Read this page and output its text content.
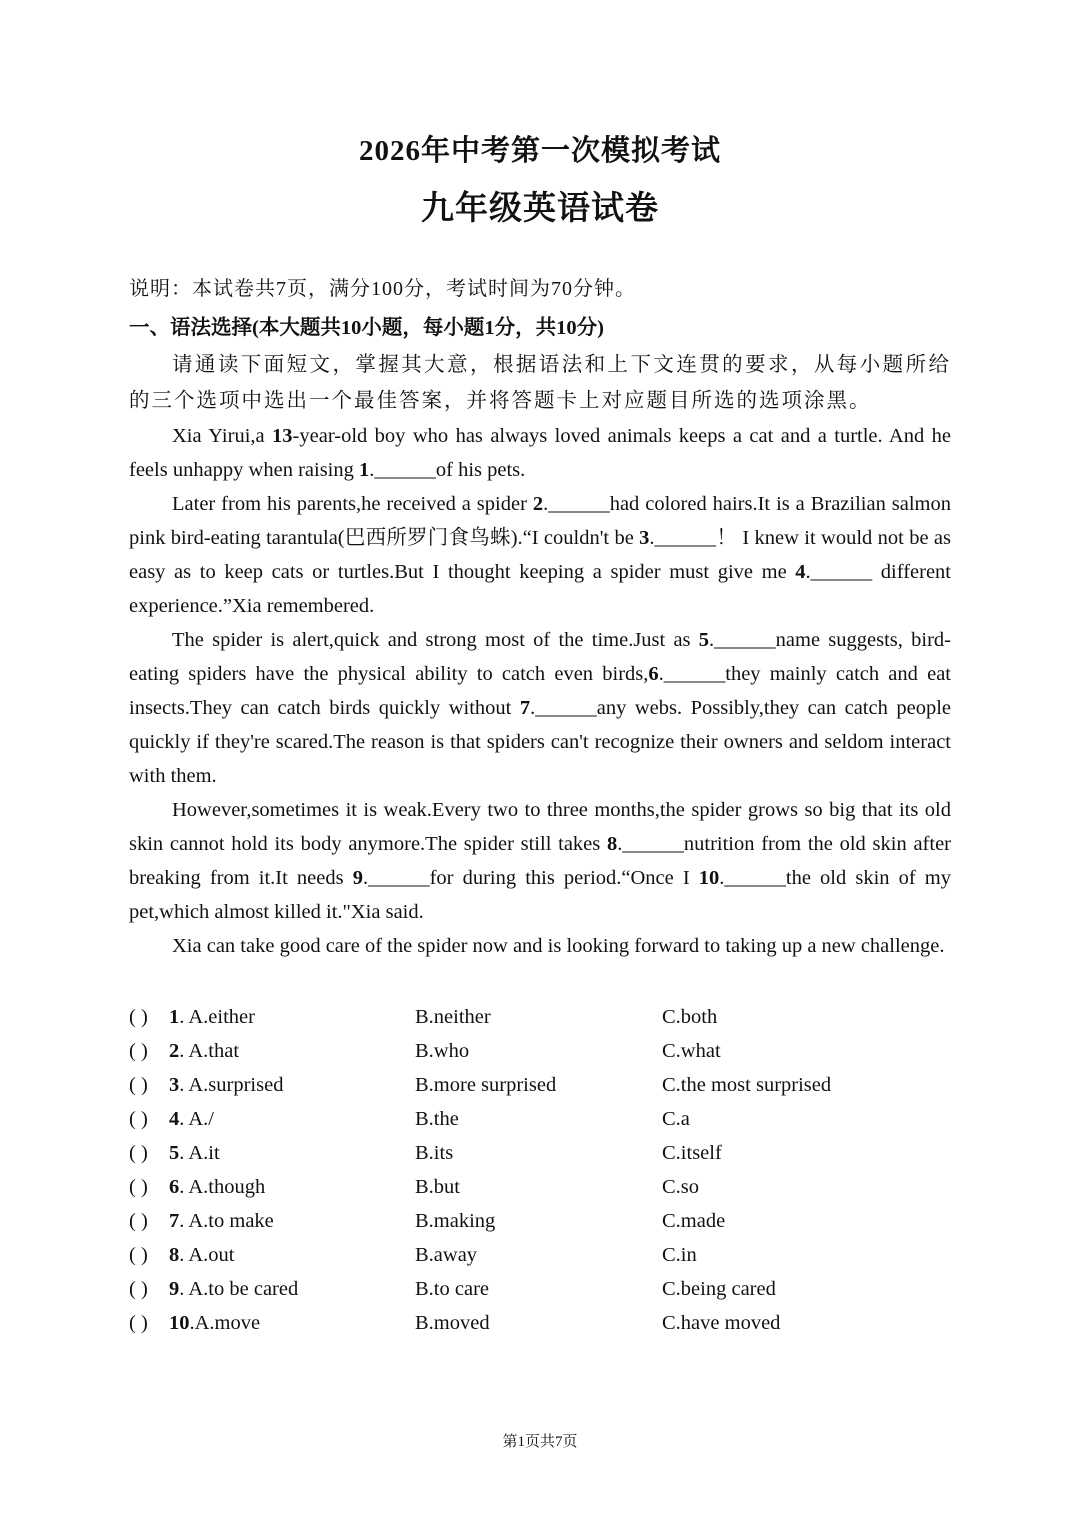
2026年中考第一次模拟考试
九年级英语试卷
说明：本试卷共7页，满分100分，考试时间为70分钟。
一、语法选择(本大题共10小题，每小题1分，共10分)

请通读下面短文，掌握其大意，根据语法和上下文连贯的要求，从每小题所给的三个选项中选出一个最佳答案，并将答题卡上对应题目所选的选项涂黑。

Xia Yirui,a 13-year-old boy who has always loved animals keeps a cat and a turtle. And he feels unhappy when raising 1.______of his pets.

Later from his parents,he received a spider 2.______had colored hairs.It is a Brazilian salmon pink bird-eating tarantula(巴西所罗门食鸟蛛).“I couldn't be 3.______！ I knew it would not be as easy as to keep cats or turtles.But I thought keeping a spider must give me 4.______ different experience.”Xia remembered.

The spider is alert,quick and strong most of the time.Just as 5.______name suggests, bird-eating spiders have the physical ability to catch even birds,6.______they mainly catch and eat insects.They can catch birds quickly without 7.______any webs. Possibly,they can catch people quickly if they're scared.The reason is that spiders can't recognize their owners and seldom interact with them.

However,sometimes it is weak.Every two to three months,the spider grows so big that its old skin cannot hold its body anymore.The spider still takes 8.______nutrition from the old skin after breaking from it.It needs 9.______for during this period.“Once I 10.______the old skin of my pet,which almost killed it."Xia said.

Xia can take good care of the spider now and is looking forward to taking up a new challenge.

( ) 1. A.either	B.neither	C.both
( ) 2. A.that	B.who	C.what
( ) 3. A.surprised	B.more surprised	C.the most surprised
( ) 4. A./	B.the	C.a
( ) 5. A.it	B.its	C.itself
( ) 6. A.though	B.but	C.so
( ) 7. A.to make	B.making	C.made
( ) 8. A.out	B.away	C.in
( ) 9. A.to be cared	B.to care	C.being cared
( ) 10.A.move	B.moved	C.have moved
第1页共7页
